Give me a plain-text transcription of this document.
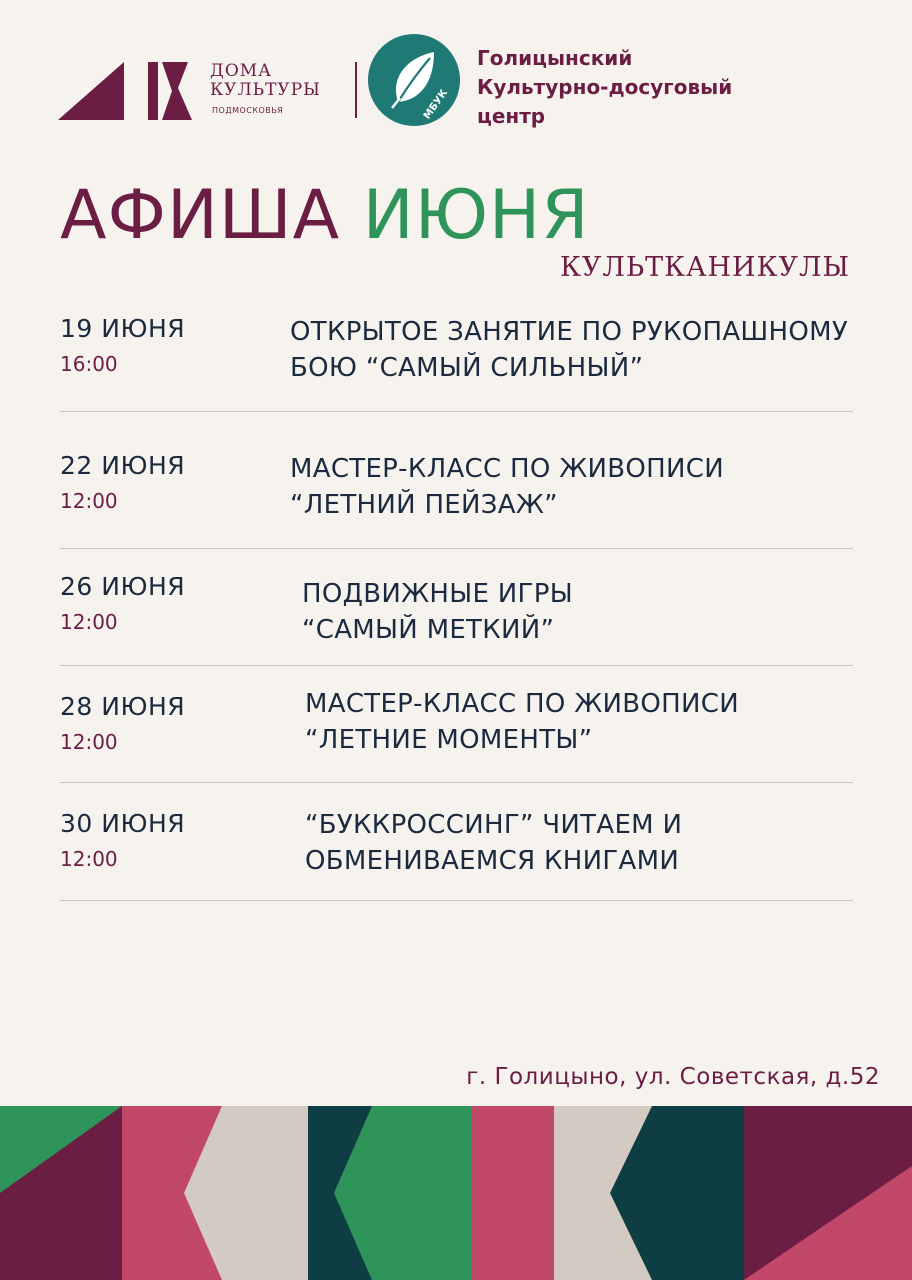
ДОМА
КУЛЬТУРЫ
ПОДМОСКОВЬЯ	МБУК
Голицынский
Культурно-досуговый
центр
АФИША ИЮНЯ
КУЛЬТКАНИКУЛЫ
19 ИЮНЯ
16:00
ОТКРЫТОЕ ЗАНЯТИЕ ПО РУКОПАШНОМУ
БОЮ “САМЫЙ СИЛЬНЫЙ”
22 ИЮНЯ
12:00
МАСТЕР-КЛАСС ПО ЖИВОПИСИ
“ЛЕТНИЙ ПЕЙЗАЖ”
26 ИЮНЯ
12:00
ПОДВИЖНЫЕ ИГРЫ
“САМЫЙ МЕТКИЙ”
28 ИЮНЯ
12:00
МАСТЕР-КЛАСС ПО ЖИВОПИСИ
“ЛЕТНИЕ МОМЕНТЫ”
30 ИЮНЯ
12:00
“БУККРОССИНГ” ЧИТАЕМ И
ОБМЕНИВАЕМСЯ КНИГАМИ
г. Голицыно, ул. Советская, д.52
